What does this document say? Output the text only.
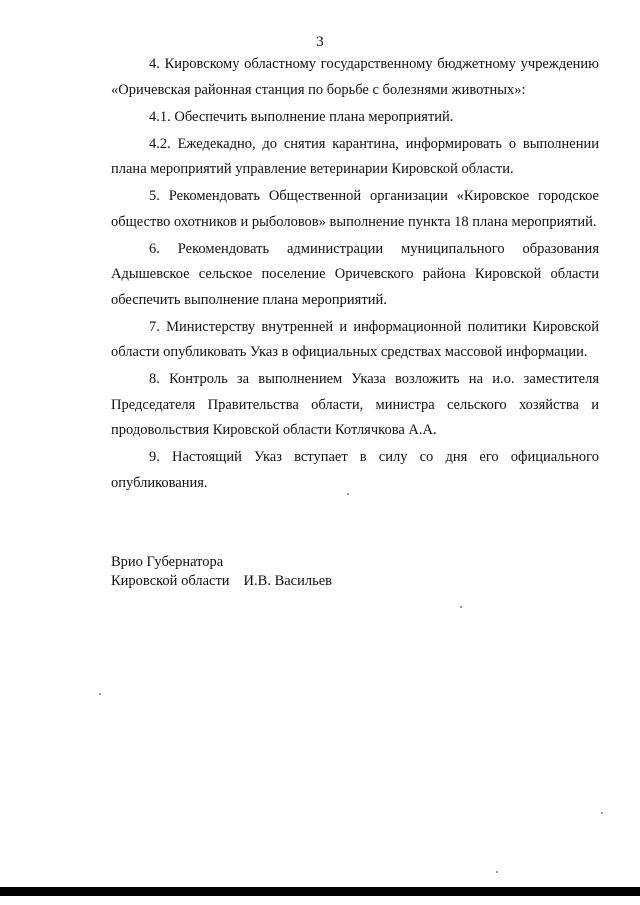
3

4. Кировскому областному государственному бюджетному учреждению «Оричевская районная станция по борьбе с болезнями животных»:

4.1. Обеспечить выполнение плана мероприятий.

4.2. Ежедекадно, до снятия карантина, информировать о выполнении плана мероприятий управление ветеринарии Кировской области.

5. Рекомендовать Общественной организации «Кировское городское общество охотников и рыболовов» выполнение пункта 18 плана мероприятий.

6. Рекомендовать администрации муниципального образования Адышевское сельское поселение Оричевского района Кировской области обеспечить выполнение плана мероприятий.

7. Министерству внутренней и информационной политики Кировской области опубликовать Указ в официальных средствах массовой информации.

8. Контроль за выполнением Указа возложить на и.о. заместителя Председателя Правительства области, министра сельского хозяйства и продовольствия Кировской области Котлячкова А.А.

9. Настоящий Указ вступает в силу со дня его официального опубликования.

Врио Губернатора
Кировской области И.В. Васильев
